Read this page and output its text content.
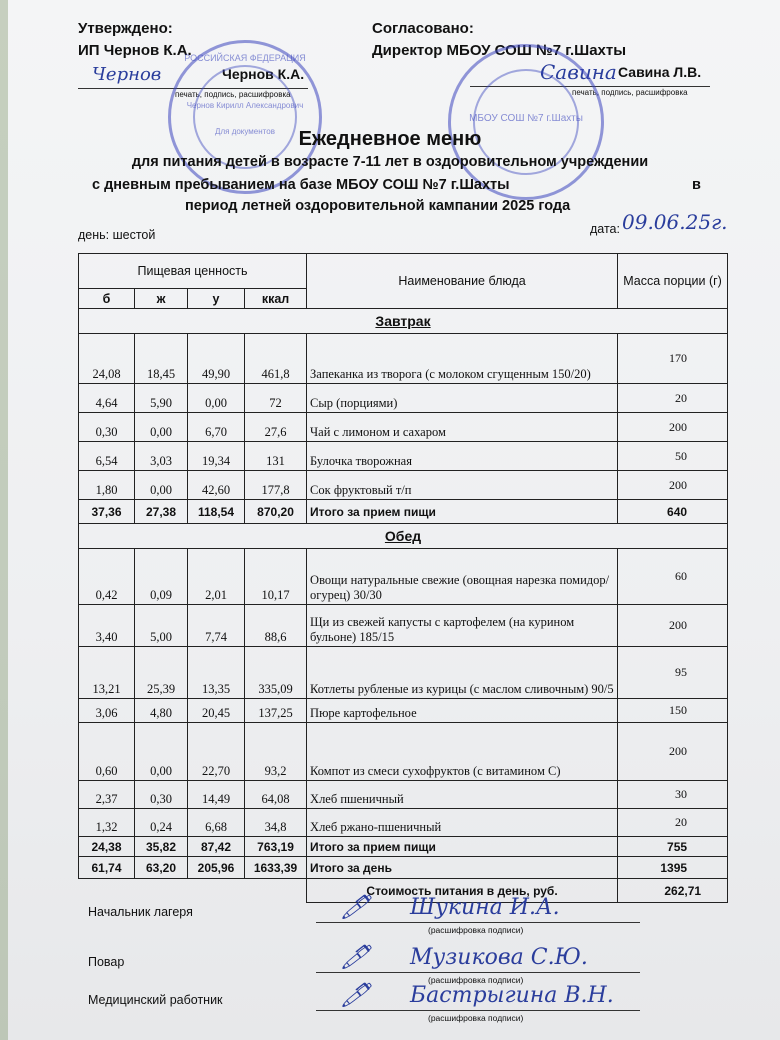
Утверждено:
ИП Чернов К.А.
Чернов	Чернов К.А.
печать, подпись, расшифровка
Согласовано:
Директор МБОУ СОШ №7 г.Шахты
Савина Савина Л.В.
печать, подпись, расшифровка
РОССИЙСКАЯ ФЕДЕРАЦИЯ
Чернов Кирилл Александрович
Для документов
МБОУ СОШ №7 г.Шахты
Ежедневное меню
для питания детей в возрасте 7-11 лет в оздоровительном учреждении
с дневным пребыванием на базе МБОУ СОШ №7 г.Шахты	в
период летней оздоровительной кампании 2025 года
день: шестой	дата: 09.06.25г.
Пищевая ценность				Наименование блюда	Масса порции (г)
б	ж	у	ккал		
Завтрак					
24,08	18,45	49,90	461,8	Запеканка из творога (с молоком сгущенным 150/20)	170
4,64	5,90	0,00	72	Сыр (порциями)	20
0,30	0,00	6,70	27,6	Чай с лимоном и сахаром	200
6,54	3,03	19,34	131	Булочка творожная	50
1,80	0,00	42,60	177,8	Сок фруктовый т/п	200
37,36	27,38	118,54	870,20	Итого за прием пищи	640
Обед					
0,42	0,09	2,01	10,17	Овощи натуральные свежие (овощная нарезка помидор/огурец) 30/30	60
3,40	5,00	7,74	88,6	Щи из свежей капусты с картофелем (на курином бульоне) 185/15	200
13,21	25,39	13,35	335,09	Котлеты рубленые из курицы (с маслом сливочным) 90/5	95
3,06	4,80	20,45	137,25	Пюре картофельное	150
0,60	0,00	22,70	93,2	Компот из смеси сухофруктов (с витамином С)	200
2,37	0,30	14,49	64,08	Хлеб пшеничный	30
1,32	0,24	6,68	34,8	Хлеб ржано-пшеничный	20
24,38	35,82	87,42	763,19	Итого за прием пищи	755
61,74	63,20	205,96	1633,39	Итого за день	1395
				Стоимость питания в день, руб.	262,71
Начальник лагеря	🖊︎ Шукина И.А.
(расшифровка подписи)
Повар	🖊︎ Музикова С.Ю.
(расшифровка подписи)
Медицинский работник	🖊︎ Бастрыгина В.Н.
(расшифровка подписи)
